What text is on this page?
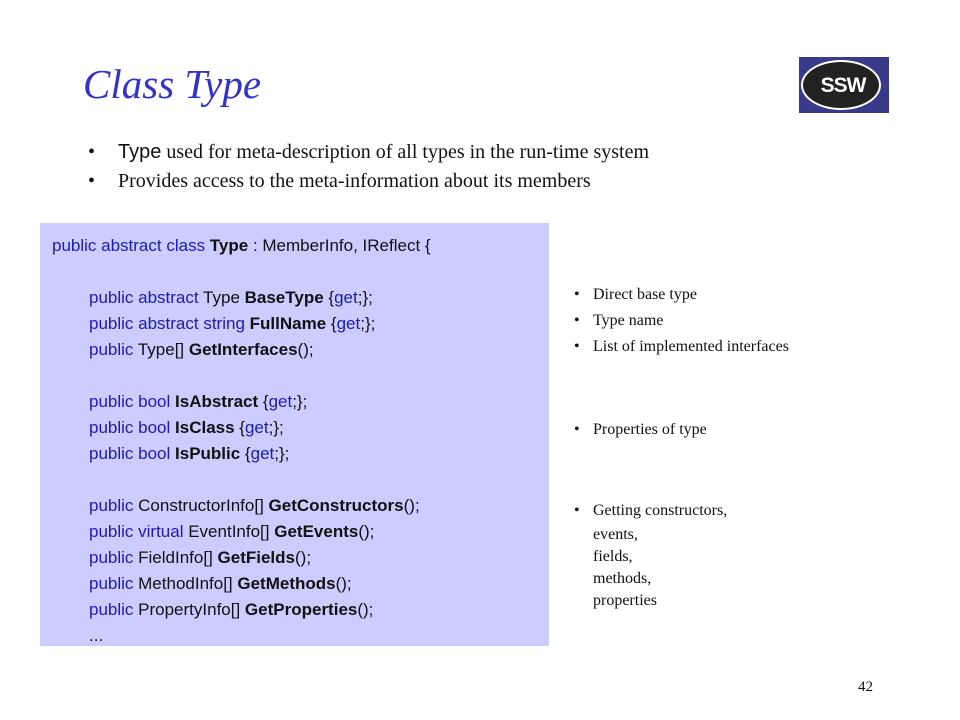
Class Type	SSW
• Type used for meta-description of all types in the run-time system
• Provides access to the meta-information about its members
public abstract class Type : MemberInfo, IReflect {
public abstract Type BaseType {get;};
public abstract string FullName {get;};
public Type[] GetInterfaces();
public bool IsAbstract {get;};
public bool IsClass {get;};
public bool IsPublic {get;};
public ConstructorInfo[] GetConstructors();
public virtual EventInfo[] GetEvents();
public FieldInfo[] GetFields();
public MethodInfo[] GetMethods();
public PropertyInfo[] GetProperties();
...
• Direct base type
• Type name
• List of implemented interfaces
• Properties of type
• Getting constructors,
events,
fields,
methods,
properties
42
